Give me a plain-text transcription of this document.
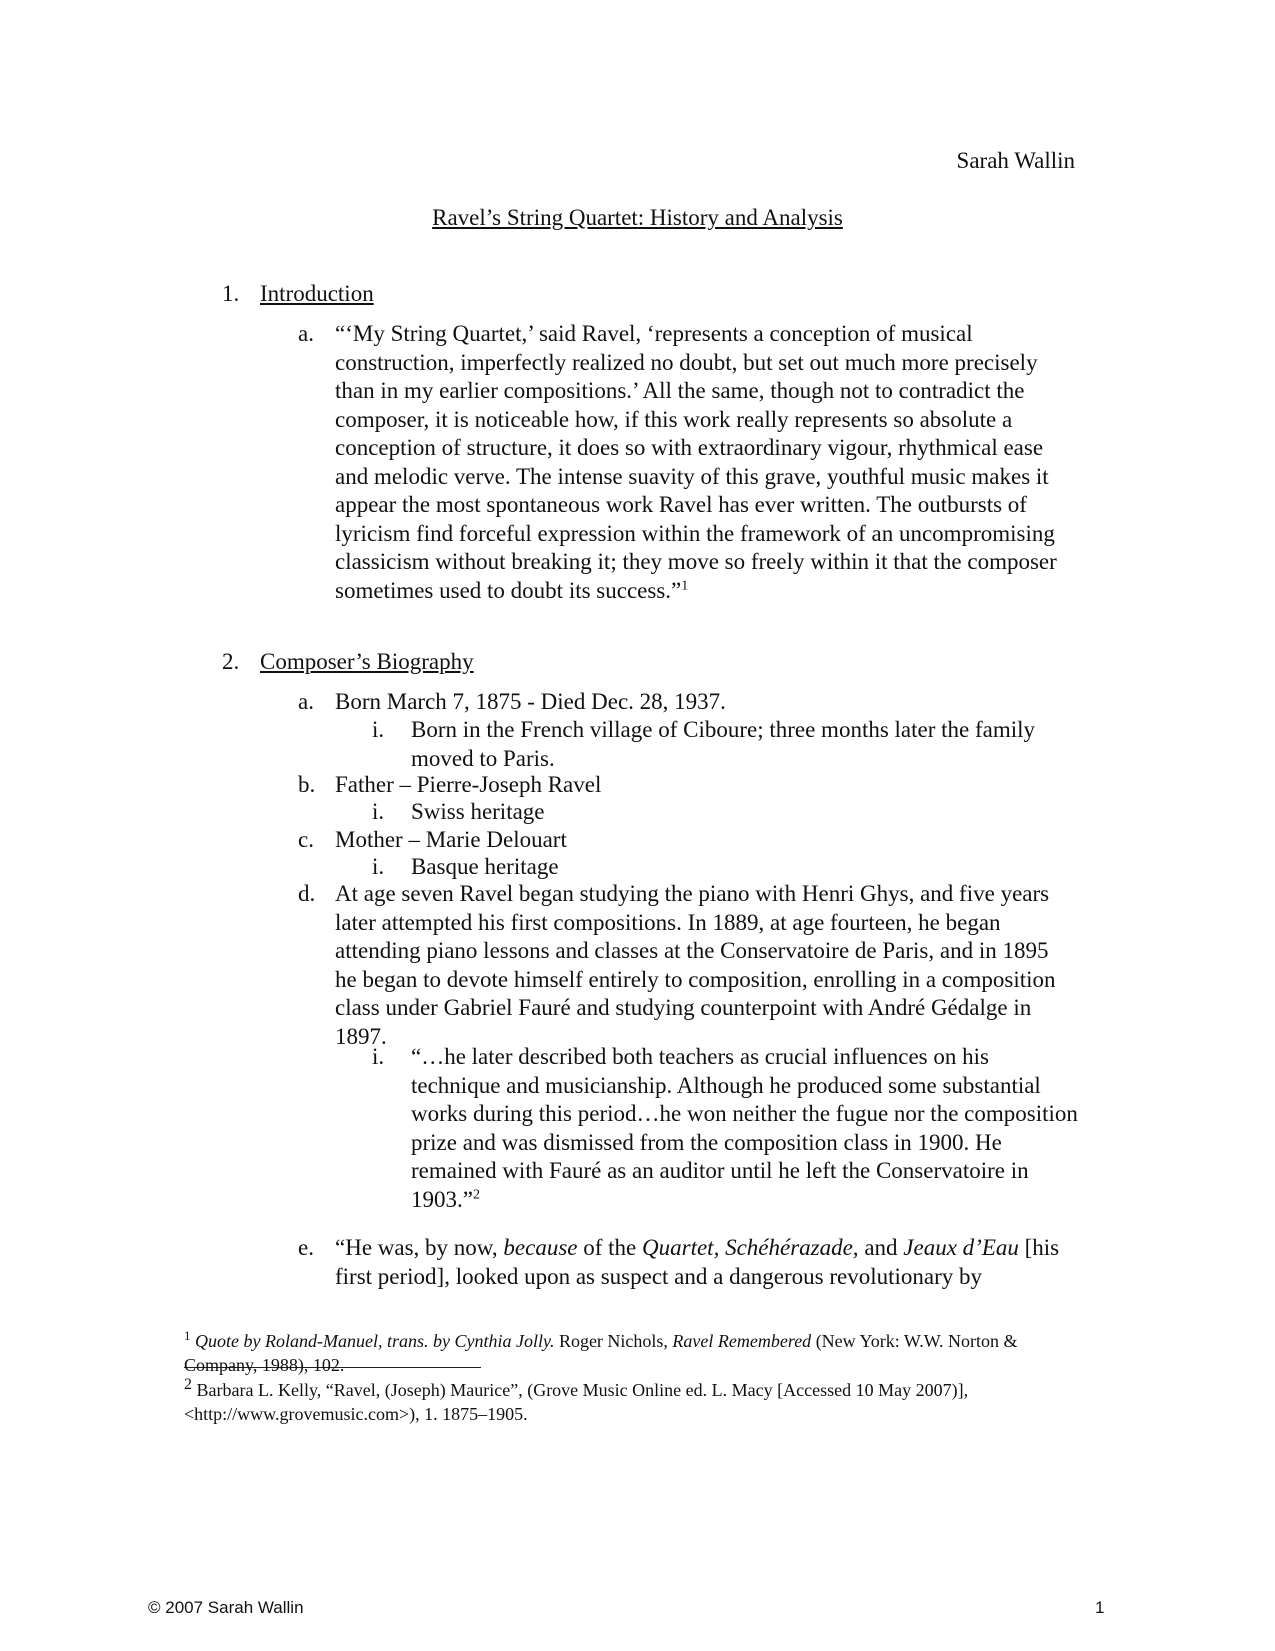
Sarah Wallin
Ravel’s String Quartet: History and Analysis
1. Introduction
a. “‘My String Quartet,’ said Ravel, ‘represents a conception of musical construction, imperfectly realized no doubt, but set out much more precisely than in my earlier compositions.’ All the same, though not to contradict the composer, it is noticeable how, if this work really represents so absolute a conception of structure, it does so with extraordinary vigour, rhythmical ease and melodic verve. The intense suavity of this grave, youthful music makes it appear the most spontaneous work Ravel has ever written. The outbursts of lyricism find forceful expression within the framework of an uncompromising classicism without breaking it; they move so freely within it that the composer sometimes used to doubt its success.”$^1$
2. Composer’s Biography
a. Born March 7, 1875 - Died Dec. 28, 1937.
i. Born in the French village of Ciboure; three months later the family moved to Paris.
b. Father – Pierre-Joseph Ravel
i. Swiss heritage
c. Mother – Marie Delouart
i. Basque heritage
d. At age seven Ravel began studying the piano with Henri Ghys, and five years later attempted his first compositions. In 1889, at age fourteen, he began attending piano lessons and classes at the Conservatoire de Paris, and in 1895 he began to devote himself entirely to composition, enrolling in a composition class under Gabriel Fauré and studying counterpoint with André Gédalge in 1897.
i. “…he later described both teachers as crucial influences on his technique and musicianship. Although he produced some substantial works during this period…he won neither the fugue nor the composition prize and was dismissed from the composition class in 1900. He remained with Fauré as an auditor until he left the Conservatoire in 1903.”$^2$
e. “He was, by now, because of the Quartet, Schéhérazade, and Jeaux d’Eau [his first period], looked upon as suspect and a dangerous revolutionary by
$^1$ Quote by Roland-Manuel, trans. by Cynthia Jolly. Roger Nichols, Ravel Remembered (New York: W.W. Norton & Company, 1988), 102.
$^2$ Barbara L. Kelly, “Ravel, (Joseph) Maurice”, (Grove Music Online ed. L. Macy [Accessed 10 May 2007)], <http://www.grovemusic.com>), 1. 1875–1905.
© 2007 Sarah Wallin	1
